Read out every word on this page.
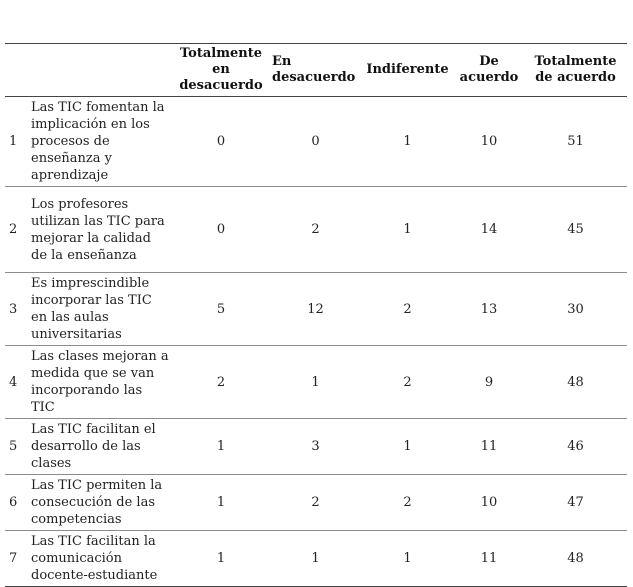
		Totalmente en desacuerdo	En desacuerdo	Indiferente	De acuerdo	Totalmente de acuerdo
1	Las TIC fomentan la implicación en los procesos de enseñanza y aprendizaje	0	0	1	10	51
2	Los profesores utilizan las TIC para mejorar la calidad de la enseñanza	0	2	1	14	45
3	Es imprescindible incorporar las TIC en las aulas universitarias	5	12	2	13	30
4	Las clases mejoran a medida que se van incorporando las TIC	2	1	2	9	48
5	Las TIC facilitan el desarrollo de las clases	1	3	1	11	46
6	Las TIC permiten la consecución de las competencias	1	2	2	10	47
7	Las TIC facilitan la comunicación docente-estudiante	1	1	1	11	48
